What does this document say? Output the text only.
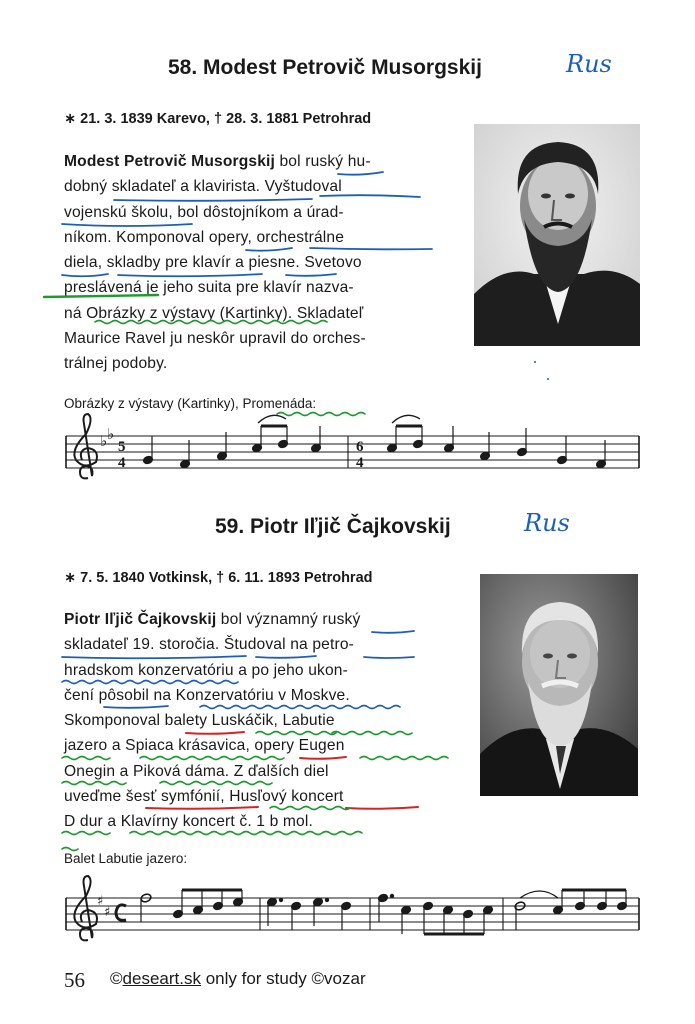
58. Modest Petrovič Musorgskij	Rus
∗ 21. 3. 1839 Karevo, † 28. 3. 1881 Petrohrad
Modest Petrovič Musorgskij bol ruský hu-
dobný skladateľ a klavirista. Vyštudoval
vojenskú školu, bol dôstojníkom a úrad-
níkom. Komponoval opery, orchestrálne
diela, skladby pre klavír a piesne. Svetovo
preslávená je jeho suita pre klavír nazva-
ná Obrázky z výstavy (Kartinky). Skladateľ
Maurice Ravel ju neskôr upravil do orches-
trálnej podoby.
Obrázky z výstavy (Kartinky), Promenáda:
♭ ♭
5
4
6
4
59. Piotr Iľjič Čajkovskij	Rus
∗ 7. 5. 1840 Votkinsk, † 6. 11. 1893 Petrohrad
Piotr Iľjič Čajkovskij bol významný ruský
skladateľ 19. storočia. Študoval na petro-
hradskom konzervatóriu a po jeho ukon-
čení pôsobil na Konzervatóriu v Moskve.
Skomponoval balety Luskáčik, Labutie
jazero a Spiaca krásavica, opery Eugen
Onegin a Piková dáma. Z ďalších diel
uveďme šesť symfónií, Husľový koncert
D dur a Klavírny koncert č. 1 b mol.
Balet Labutie jazero:
♯
♯
56 ©deseart.sk only for study ©vozar
